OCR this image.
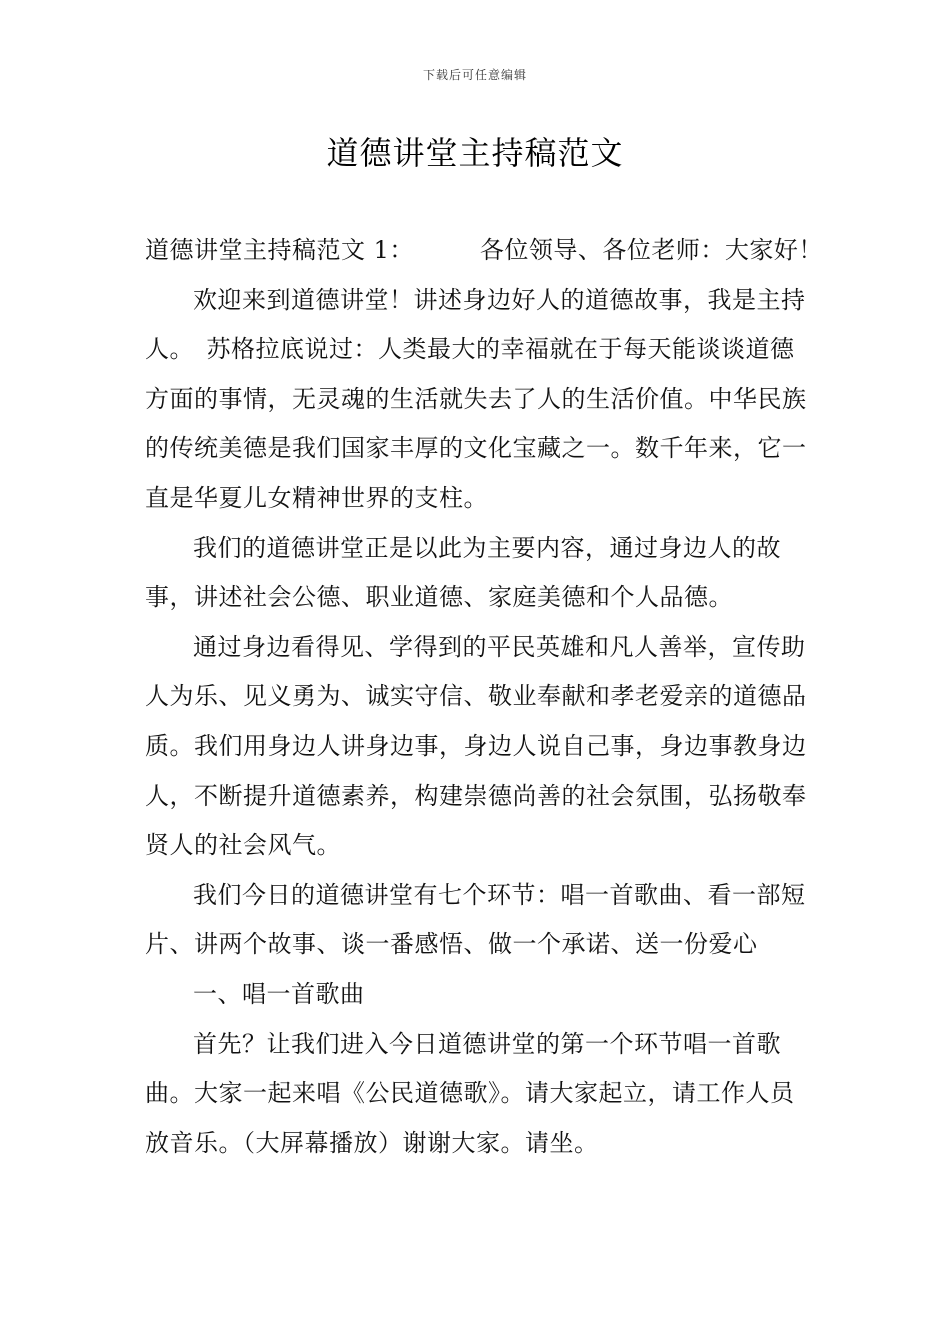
下载后可任意编辑
道德讲堂主持稿范文

道德讲堂主持稿范文 1：	各位领导、各位老师：大家好！

欢迎来到道德讲堂！讲述身边好人的道德故事，我是主持人。　苏格拉底说过：人类最大的幸福就在于每天能谈谈道德方面的事情，无灵魂的生活就失去了人的生活价值。中华民族的传统美德是我们国家丰厚的文化宝藏之一。数千年来，它一直是华夏儿女精神世界的支柱。

我们的道德讲堂正是以此为主要内容，通过身边人的故事，讲述社会公德、职业道德、家庭美德和个人品德。

通过身边看得见、学得到的平民英雄和凡人善举，宣传助人为乐、见义勇为、诚实守信、敬业奉献和孝老爱亲的道德品质。我们用身边人讲身边事，身边人说自己事，身边事教身边人，不断提升道德素养，构建崇德尚善的社会氛围，弘扬敬奉贤人的社会风气。

我们今日的道德讲堂有七个环节：唱一首歌曲、看一部短片、讲两个故事、谈一番感悟、做一个承诺、送一份爱心

一、唱一首歌曲

首先？让我们进入今日道德讲堂的第一个环节唱一首歌曲。大家一起来唱《公民道德歌》。请大家起立，请工作人员放音乐。（大屏幕播放）谢谢大家。请坐。
